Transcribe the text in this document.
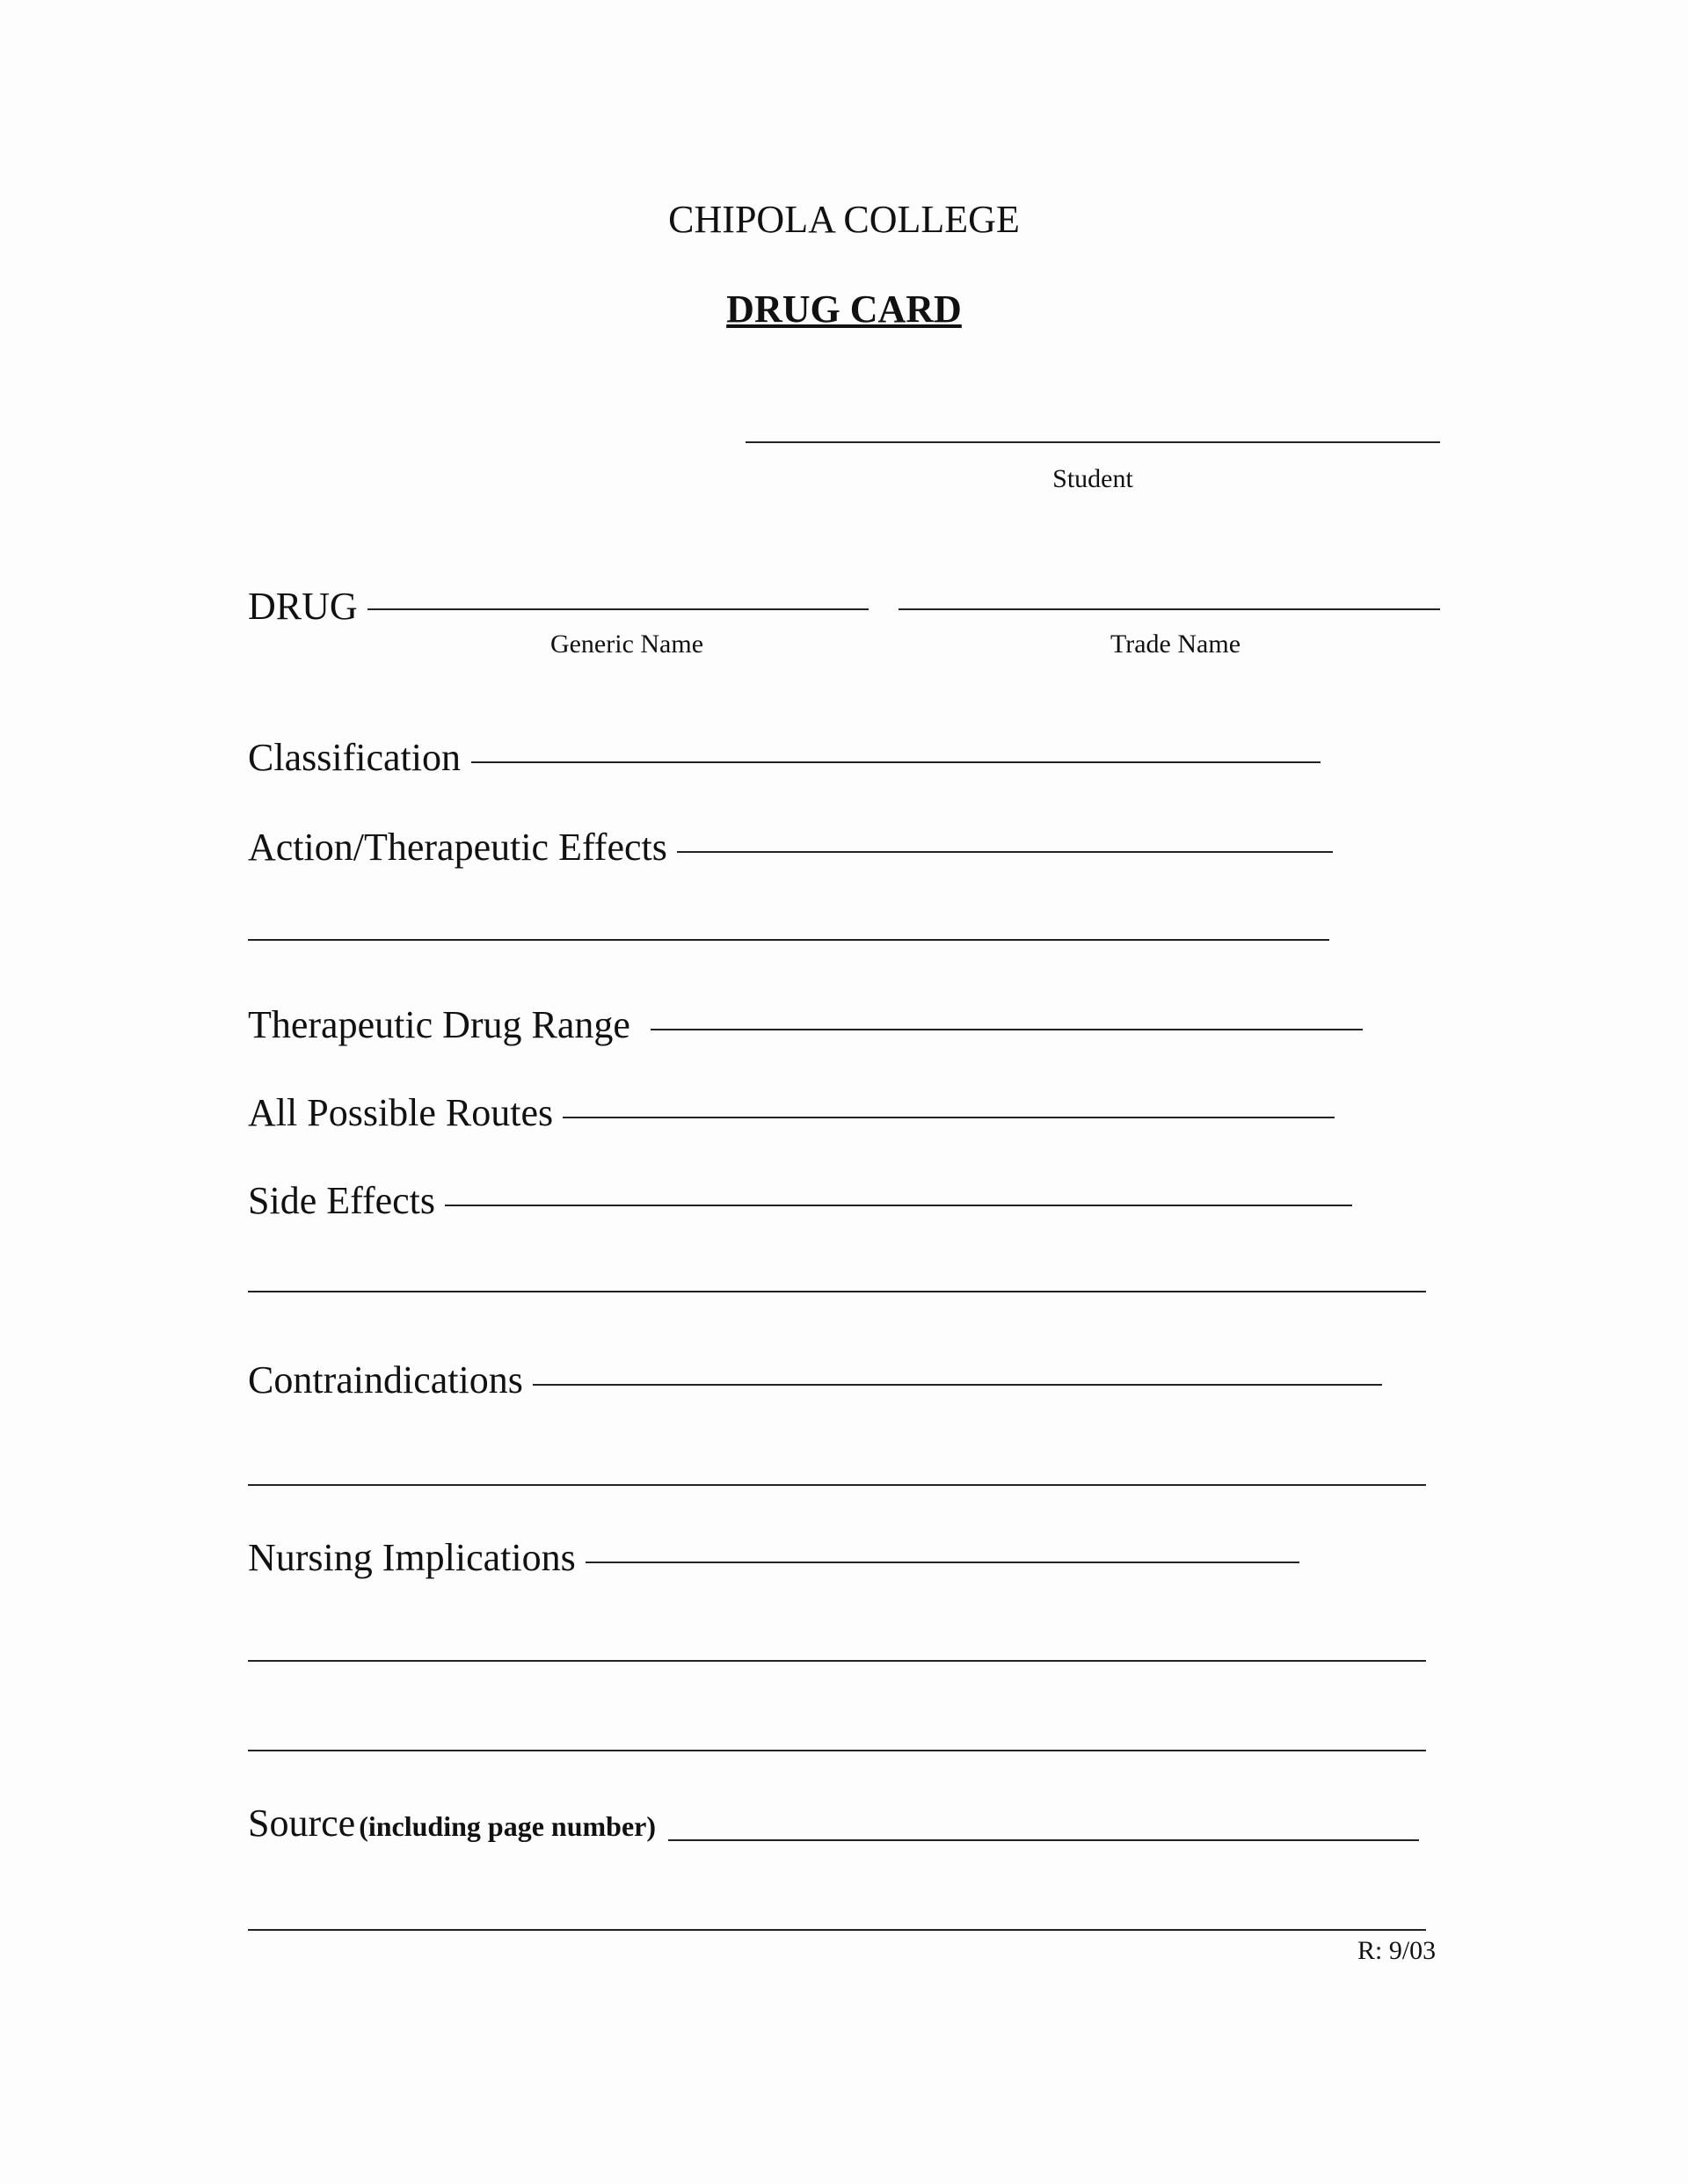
CHIPOLA COLLEGE
DRUG CARD
Student
DRUG
Generic Name	Trade Name
Classification
Action/Therapeutic Effects
Therapeutic Drug Range
All Possible Routes
Side Effects
Contraindications
Nursing Implications
Source (including page number)
R: 9/03
